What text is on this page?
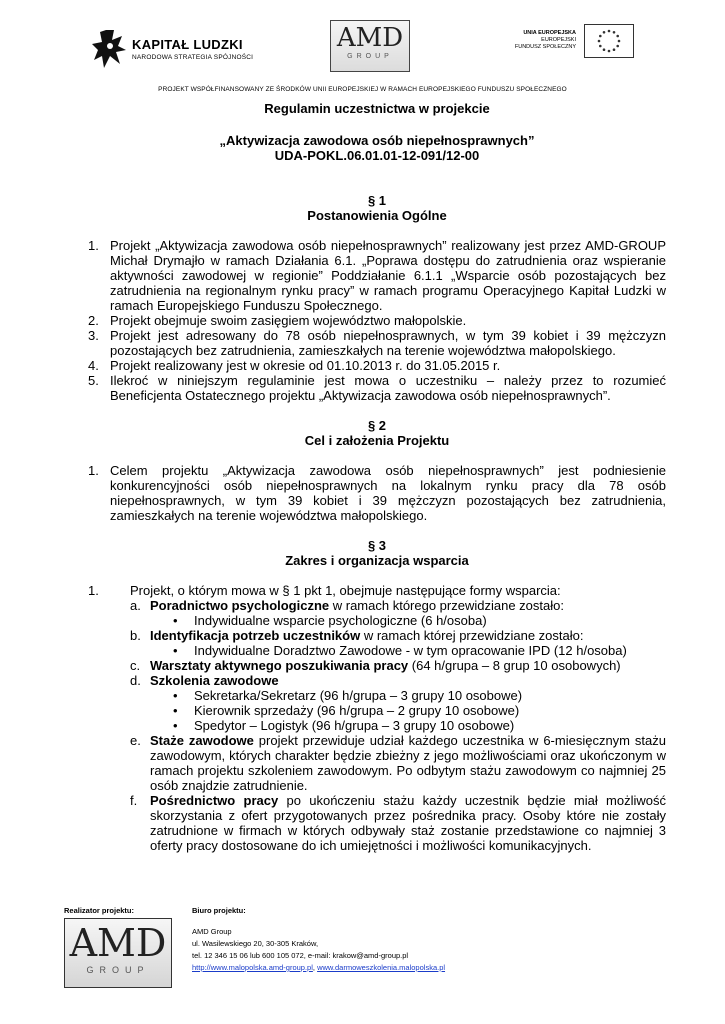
KAPITAŁ LUDZKI
NARODOWA STRATEGIA SPÓJNOŚCI
AMD
GROUP
UNIA EUROPEJSKA
EUROPEJSKI
FUNDUSZ SPOŁECZNY
PROJEKT WSPÓŁFINANSOWANY ZE ŚRODKÓW UNII EUROPEJSKIEJ W RAMACH EUROPEJSKIEGO FUNDUSZU SPOŁECZNEGO

Regulamin uczestnictwa w projekcie

„Aktywizacja zawodowa osób niepełnosprawnych”

UDA-POKL.06.01.01-12-091/12-00

§ 1

Postanowienia Ogólne

1. Projekt „Aktywizacja zawodowa osób niepełnosprawnych” realizowany jest przez AMD-GROUP Michał Drymajło w ramach Działania 6.1. „Poprawa dostępu do zatrudnienia oraz wspieranie aktywności zawodowej w regionie” Poddziałanie 6.1.1 „Wsparcie osób pozostających bez zatrudnienia na regionalnym rynku pracy” w ramach programu Operacyjnego Kapitał Ludzki w ramach Europejskiego Funduszu Społecznego.
2. Projekt obejmuje swoim zasięgiem województwo małopolskie.
3. Projekt jest adresowany do 78 osób niepełnosprawnych, w tym 39 kobiet i 39 mężczyzn pozostających bez zatrudnienia, zamieszkałych na terenie województwa małopolskiego.
4. Projekt realizowany jest w okresie od 01.10.2013 r. do 31.05.2015 r.
5. Ilekroć w niniejszym regulaminie jest mowa o uczestniku – należy przez to rozumieć Beneficjenta Ostatecznego projektu „Aktywizacja zawodowa osób niepełnosprawnych”.

§ 2

Cel i założenia Projektu

1. Celem projektu „Aktywizacja zawodowa osób niepełnosprawnych” jest podniesienie konkurencyjności osób niepełnosprawnych na lokalnym rynku pracy dla 78 osób niepełnosprawnych, w tym 39 kobiet i 39 mężczyzn pozostających bez zatrudnienia, zamieszkałych na terenie województwa małopolskiego.

§ 3

Zakres i organizacja wsparcia

1. Projekt, o którym mowa w § 1 pkt 1, obejmuje następujące formy wsparcia:

a. Poradnictwo psychologiczne w ramach którego przewidziane zostało:

• Indywidualne wsparcie psychologiczne (6 h/osoba)
b. Identyfikacja potrzeb uczestników w ramach której przewidziane zostało:

• Indywidualne Doradztwo Zawodowe - w tym opracowanie IPD (12 h/osoba)
c. Warsztaty aktywnego poszukiwania pracy (64 h/grupa – 8 grup 10 osobowych)

d. Szkolenia zawodowe

• Sekretarka/Sekretarz (96 h/grupa – 3 grupy 10 osobowe)
• Kierownik sprzedaży (96 h/grupa – 2 grupy 10 osobowe)
• Spedytor – Logistyk (96 h/grupa – 3 grupy 10 osobowe)
e. Staże zawodowe projekt przewiduje udział każdego uczestnika w 6-miesięcznym stażu zawodowym, których charakter będzie zbieżny z jego możliwościami oraz ukończonym w ramach projektu szkoleniem zawodowym. Po odbytym stażu zawodowym co najmniej 25 osób znajdzie zatrudnienie.

f. Pośrednictwo pracy po ukończeniu stażu każdy uczestnik będzie miał możliwość skorzystania z ofert przygotowanych przez pośrednika pracy. Osoby które nie zostały zatrudnione w firmach w których odbywały staż zostanie przedstawione co najmniej 3 oferty pracy dostosowane do ich umiejętności i możliwości komunikacyjnych.

Realizator projektu:	Biuro projektu:
AMD
GROUP
AMD Group
ul. Wasilewskiego 20, 30-305 Kraków,
tel. 12 346 15 06 lub 600 105 072, e-mail: krakow@amd-group.pl
http://www.malopolska.amd-group.pl, www.darmoweszkolenia.malopolska.pl
